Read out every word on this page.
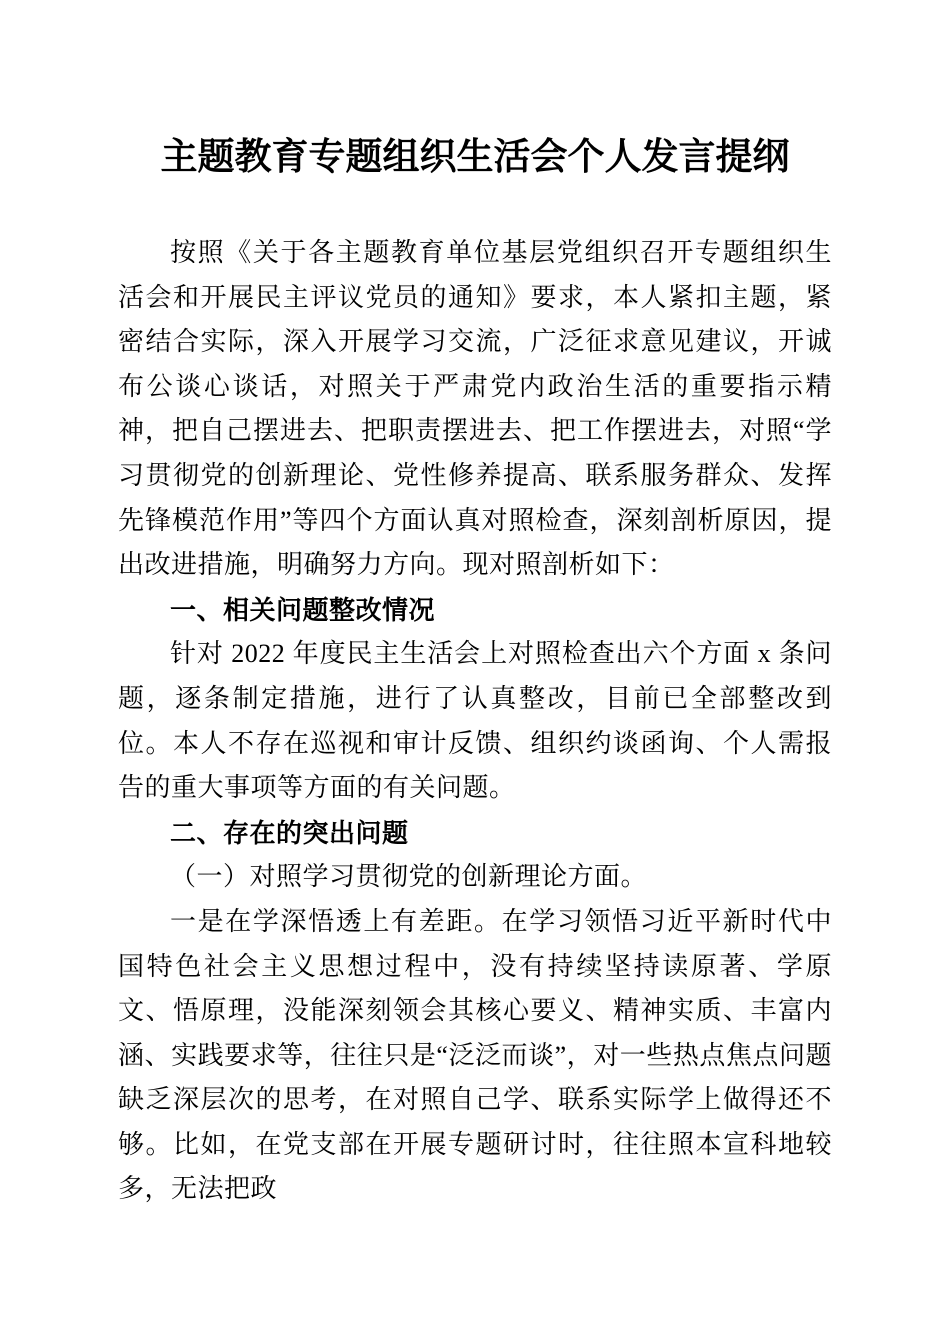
主题教育专题组织生活会个人发言提纲

按照《关于各主题教育单位基层党组织召开专题组织生活会和开展民主评议党员的通知》要求，本人紧扣主题，紧密结合实际，深入开展学习交流，广泛征求意见建议，开诚布公谈心谈话，对照关于严肃党内政治生活的重要指示精神，把自己摆进去、把职责摆进去、把工作摆进去，对照“学习贯彻党的创新理论、党性修养提高、联系服务群众、发挥先锋模范作用”等四个方面认真对照检查，深刻剖析原因，提出改进措施，明确努力方向。现对照剖析如下：

一、相关问题整改情况

针对 2022 年度民主生活会上对照检查出六个方面 x 条问题，逐条制定措施，进行了认真整改，目前已全部整改到位。本人不存在巡视和审计反馈、组织约谈函询、个人需报告的重大事项等方面的有关问题。

二、存在的突出问题

（一）对照学习贯彻党的创新理论方面。

一是在学深悟透上有差距。在学习领悟习近平新时代中国特色社会主义思想过程中，没有持续坚持读原著、学原文、悟原理，没能深刻领会其核心要义、精神实质、丰富内涵、实践要求等，往往只是“泛泛而谈”，对一些热点焦点问题缺乏深层次的思考，在对照自己学、联系实际学上做得还不够。比如，在党支部在开展专题研讨时，往往照本宣科地较多，无法把政
